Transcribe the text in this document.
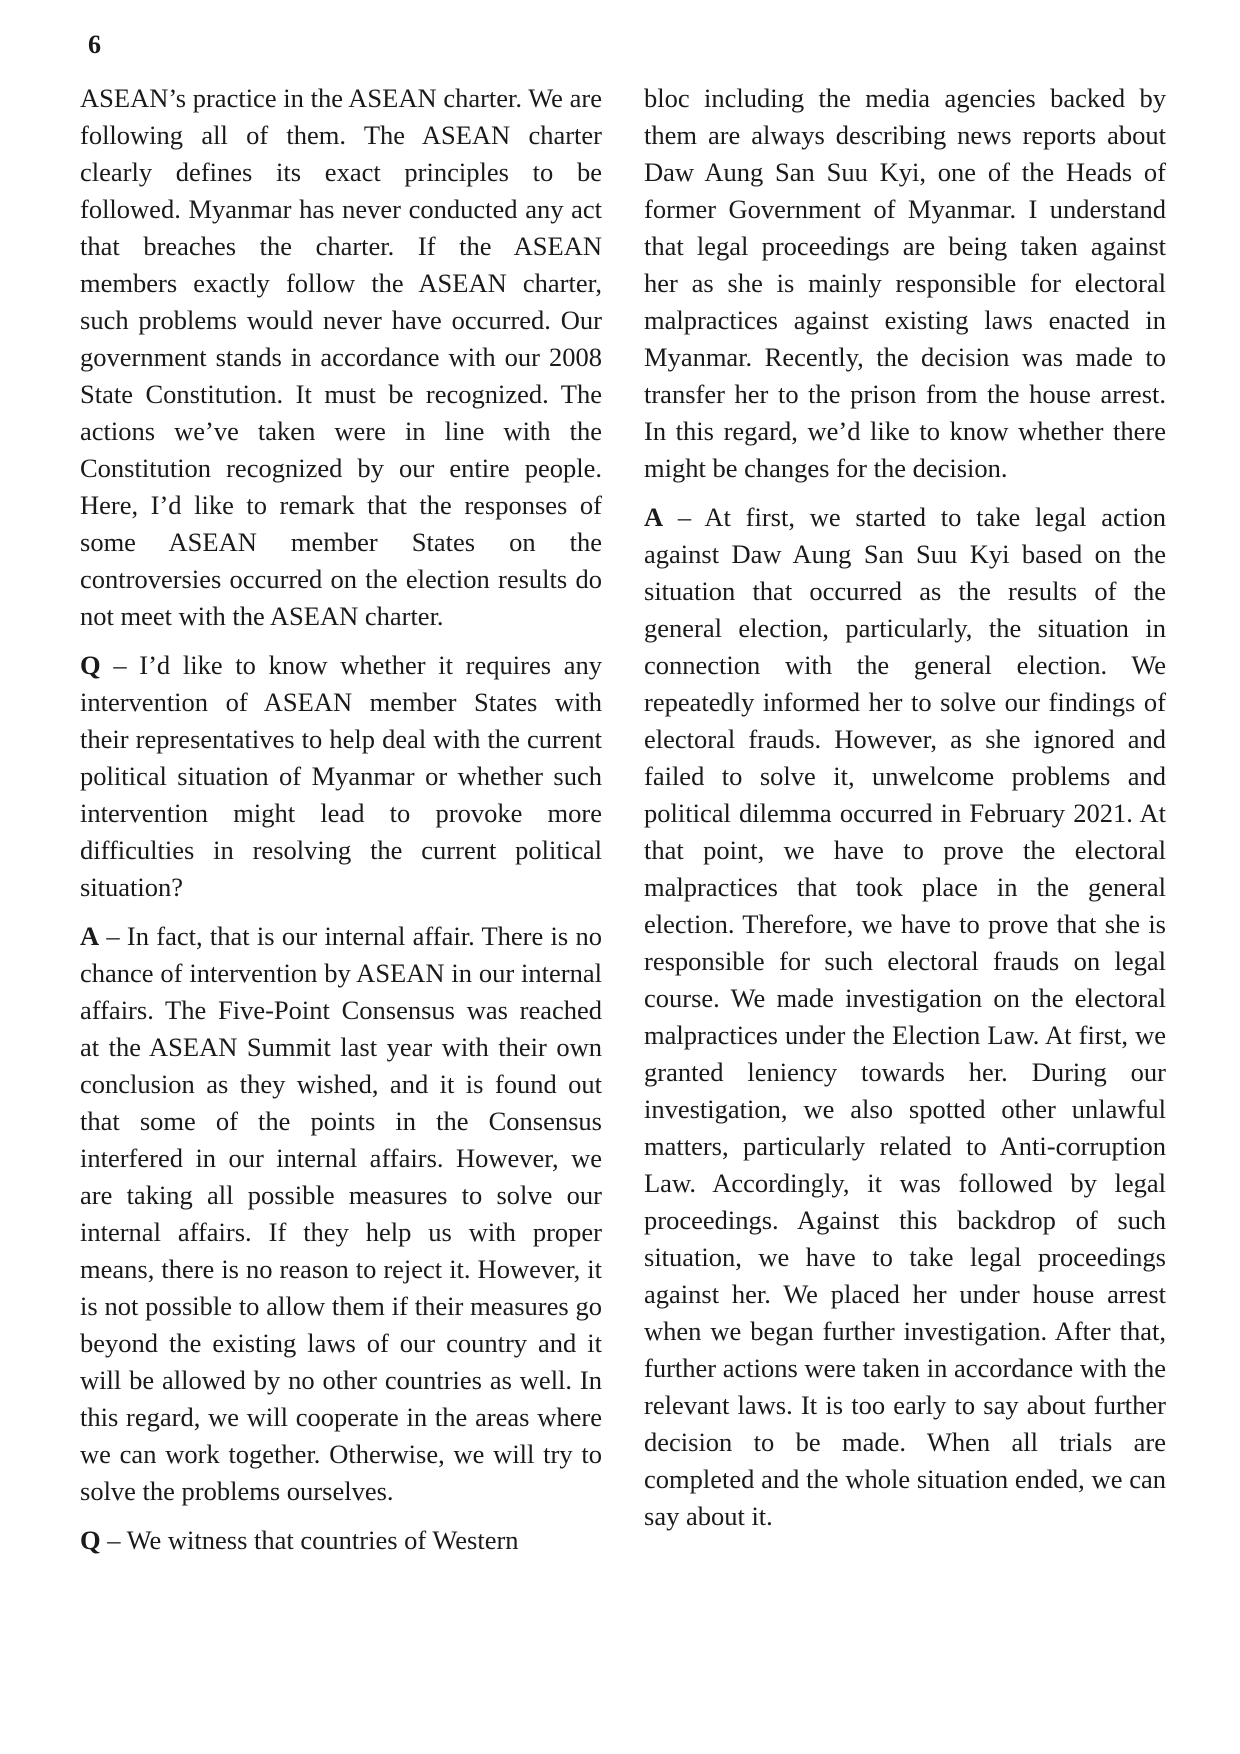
6

ASEAN’s practice in the ASEAN charter. We are following all of them. The ASEAN charter clearly defines its exact principles to be followed. Myanmar has never conducted any act that breaches the charter. If the ASEAN members exactly follow the ASEAN charter, such problems would never have occurred. Our government stands in accordance with our 2008 State Constitution. It must be recognized. The actions we’ve taken were in line with the Constitution recognized by our entire people. Here, I’d like to remark that the responses of some ASEAN member States on the controversies occurred on the election results do not meet with the ASEAN charter.

Q – I’d like to know whether it requires any intervention of ASEAN member States with their representatives to help deal with the current political situation of Myanmar or whether such intervention might lead to provoke more difficulties in resolving the current political situation?

A – In fact, that is our internal affair. There is no chance of intervention by ASEAN in our internal affairs. The Five-Point Consensus was reached at the ASEAN Summit last year with their own conclusion as they wished, and it is found out that some of the points in the Consensus interfered in our internal affairs. However, we are taking all possible measures to solve our internal affairs. If they help us with proper means, there is no reason to reject it. However, it is not possible to allow them if their measures go beyond the existing laws of our country and it will be allowed by no other countries as well. In this regard, we will cooperate in the areas where we can work together. Otherwise, we will try to solve the problems ourselves.

Q – We witness that countries of Western

bloc including the media agencies backed by them are always describing news reports about Daw Aung San Suu Kyi, one of the Heads of former Government of Myanmar. I understand that legal proceedings are being taken against her as she is mainly responsible for electoral malpractices against existing laws enacted in Myanmar. Recently, the decision was made to transfer her to the prison from the house arrest. In this regard, we’d like to know whether there might be changes for the decision.

A – At first, we started to take legal action against Daw Aung San Suu Kyi based on the situation that occurred as the results of the general election, particularly, the situation in connection with the general election. We repeatedly informed her to solve our findings of electoral frauds. However, as she ignored and failed to solve it, unwelcome problems and political dilemma occurred in February 2021. At that point, we have to prove the electoral malpractices that took place in the general election. Therefore, we have to prove that she is responsible for such electoral frauds on legal course. We made investigation on the electoral malpractices under the Election Law. At first, we granted leniency towards her. During our investigation, we also spotted other unlawful matters, particularly related to Anti-corruption Law. Accordingly, it was followed by legal proceedings. Against this backdrop of such situation, we have to take legal proceedings against her. We placed her under house arrest when we began further investigation. After that, further actions were taken in accordance with the relevant laws. It is too early to say about further decision to be made. When all trials are completed and the whole situation ended, we can say about it.
